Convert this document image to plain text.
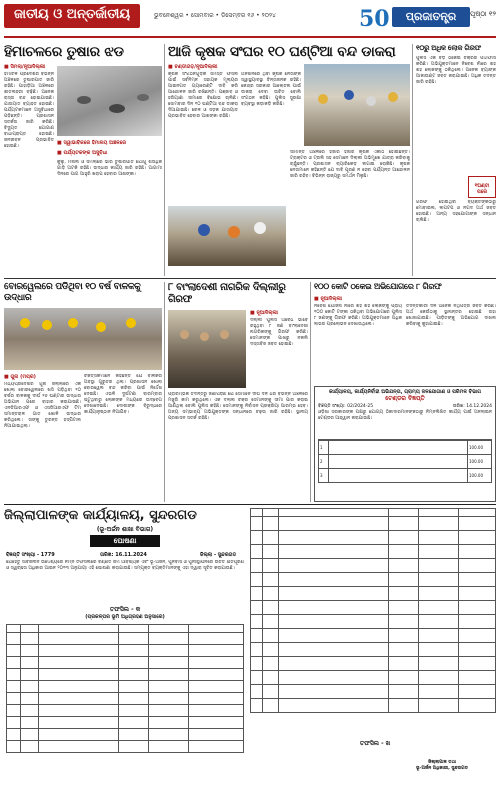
ଜାତୀୟ ଓ ଅନ୍ତର୍ଜାତୀୟ	ଭୁବନେଶ୍ୱର • ସୋମବାର • ଡିସେମ୍ବର ୧୬ • ୨୦୨୪	50	ପ୍ରଜାତନ୍ତ୍ର	ପୃଷ୍ଠା ୧୨
ହିମାଚଳରେ ତୁଷାର ଝଡ	ଆଜି କୃଷକ ସଂଘର ୧୦ ଘଣ୍ଟିଆ ବନ୍ଦ ଡାକରା	୧୦ରୁ ଅଧିକ ଲୋକ ଗିରଫ
■ ସିମଲା/ନୂଆଦିଲ୍ଲୀ
ହିମାଚଳ ପ୍ରଦେଶର ବିଭିନ୍ନ ଅଞ୍ଚଳରେ ତୁଷାରପାତ ଜାରି ରହିଛି। ପାହାଡ଼ିଆ ଅଞ୍ଚଳରେ ଶୀତଲହରୀ ବଢ଼ିଛି। ଅନେକ ରାସ୍ତା ବନ୍ଦ ହୋଇଯାଇଛି। ଯାତାୟାତ ବ୍ୟାହତ ହୋଇଛି। ପର୍ଯ୍ୟଟକମାନେ ଅସୁବିଧାରେ ପଡ଼ିଛନ୍ତି। ପ୍ରଶାସନ ସତର୍କତା ଜାରି କରିଛି। ବିଦ୍ୟୁତ ଯୋଗାଣ ବାଧାପ୍ରାପ୍ତ ହୋଇଛି। ଜନଜୀବନ ପ୍ରଭାବିତ ହୋଇଛି।
■ ସ୍ୱାଭାବିକରେ ହିମାଳୟ ଅଞ୍ଚଳରେ
■ ପର୍ଯ୍ୟଟକଙ୍କ ଅସୁବିଧା
କୁଲୁ, ମନାଲି ଓ ସିମଲାରେ ଭାରି ତୁଷାରପାତ ଯୋଗୁଁ ଶତାଧିକ ଗାଡ଼ି ଅଟକି ରହିଛି। ଉଦ୍ଧାର କାର୍ଯ୍ୟ ଜାରି ରହିଛି। ଆଗାମୀ ଦିନରେ ପାଗ ଆହୁରି ଖରାପ ହେବାର ଆଶଙ୍କା।
■ ଚଣ୍ଡୀଗଡ଼/ନୂଆଦିଲ୍ଲୀ
କୃଷକ ସଂଗଠନଗୁଡ଼ିକ ସମସ୍ତ ଫସଲ ପାଇଁ ସର୍ବନିମ୍ନ ସହାୟକ ମୂଲ୍ୟର ଆଇନଗତ ଗ୍ୟାରେଣ୍ଟି ଦାବି କରି ଆନ୍ଦୋଳନ ଜାରି ରଖିଛନ୍ତି। ପଞ୍ଜାବ ଓ ହରିୟାଣା ସୀମାରେ ବିକ୍ଷୋଭ ଚାଲିଛି। ସୋମବାର ଦିନ ୧୦ ଘଣ୍ଟିଆ ବନ୍ଦ ଡାକରା ଦିଆଯାଇଛି। ରେଳ ଓ ସଡ଼କ ଯାତାୟାତ ପ୍ରଭାବିତ ହେବାର ଆଶଙ୍କା ରହିଛି।
ଅନଶନରେ ଥିବା କୃଷକ ନେତାଙ୍କ ସ୍ୱାସ୍ଥ୍ୟାବସ୍ଥା ଚିନ୍ତାଜନକ ରହିଛି। କେନ୍ଦ୍ର ସରକାର ଆଲୋଚନା ପାଇଁ ଡାକରା ଦେବା ଉଚିତ ବୋଲି ସଂଗଠନ କହିଛି। ପୁଲିସ ସୁରକ୍ଷା ବ୍ୟବସ୍ଥା କଡ଼ାକଡ଼ି କରିଛି।
ସୀମାନ୍ତ ଅଞ୍ଚଳରେ ହଜାର ହଜାର କୃଷକ ଏକାଠି ହୋଇଛନ୍ତି। ଟ୍ରାକ୍ଟର ଓ ଟ୍ରଲି ସହ ସେମାନେ ଦିଲ୍ଲୀ ଅଭିମୁଖେ ଯାତ୍ରା କରିବାକୁ ଚାହୁଁଛନ୍ତି। ପ୍ରଶାସନ ବ୍ୟାରିକେଡ଼ ଲଗାଇ ରୋକିଛି। କୃଷକ ନେତାମାନେ କହିଛନ୍ତି ଯେ ଦାବି ପୂରଣ ନ ହେବା ପର୍ଯ୍ୟନ୍ତ ଆନ୍ଦୋଳନ ଜାରି ରହିବ। ବିଭିନ୍ନ ରାଜ୍ୟରୁ ସମର୍ଥନ ମିଳୁଛି।
ପୁଲିସ ଏକ ବଡ଼ ଠକେଇ ଚକ୍ରର ପର୍ଦ୍ଦାଫାସ କରିଛି। ଅଭିଯୁକ୍ତମାନେ ନିବେଶ ନାଁରେ ଶହ ଶହ ଲୋକଙ୍କୁ ଠକିଥିଲେ। ଅନେକ ବ୍ୟାଙ୍କ ଆକାଉଣ୍ଟ ଜବତ କରାଯାଇଛି। ଅଧିକ ତଦନ୍ତ ଜାରି ରହିଛି।
୧ଘଣ୍ଟା ପରେ
ଗିରଫ ହୋଇଥିବା ବ୍ୟକ୍ତିଙ୍କଠାରୁ ମୋବାଇଲ, ଲାପଟପ ଓ ନଗଦ ଅର୍ଥ ଜବତ ହୋଇଛି। ଅନ୍ୟ ସହଯୋଗୀଙ୍କ ସନ୍ଧାନ ଚାଲିଛି।
ବୋରୱେଲରେ ପଡିଥିବା ୧୦ ବର୍ଷ ବାଳକକୁ ଉଦ୍ଧାର
■ ଗୁନା (ମପ୍ର)
ମଧ୍ୟପ୍ରଦେଶର ଗୁନା ଜିଲ୍ଲାରେ ଏକ ଖୋଲା ବୋରୱେଲରେ ଖସି ପଡ଼ିଥିବା ୧୦ ବର୍ଷର ବାଳକକୁ ଦୀର୍ଘ ୧୬ ଘଣ୍ଟାର ଉଦ୍ଧାର ଅଭିଯାନ ପରେ ବାହାର କରାଯାଇଛି। ଏନଡିଆରଏଫ ଓ ଏସଡିଆରଏଫ ଟିମ ସମାନ୍ତରାଳ ଗାତ ଖୋଳି ଉଦ୍ଧାର କରିଥିଲେ। ତାଙ୍କୁ ତୁରନ୍ତ ହସ୍ପିଟାଲ ନିଆଯାଇଥିଲା।
ଚିକିତ୍ସକମାନେ କହିଛନ୍ତି ଯେ ବାଳକର ଅବସ୍ଥା ଗୁରୁତର ଥିଲା। ପ୍ରଶାସନ ଖୋଲା ବୋରୱେଲ ବନ୍ଦ କରିବା ପାଇଁ ନିର୍ଦ୍ଦେଶ ଦେଇଛି। ଏଭଳି ଦୁର୍ଘଟଣା ବାରମ୍ବାର ଘଟୁଥିବାରୁ ଲୋକଙ୍କ ମଧ୍ୟରେ ଉଦ୍‌ବେଗ ଦେଖାଦେଇଛି। ଦୋଷୀଙ୍କ ବିରୁଦ୍ଧରେ କାର୍ଯ୍ୟାନୁଷ୍ଠାନ ନିଆଯିବ।
୮ ବାଂଲାଦେଶୀ ନାଗରିକ ଦିଲ୍ଲୀରୁ ଗିରଫ
■ ନୂଆଦିଲ୍ଲୀ
ଦିଲ୍ଲୀ ପୁଲିସ ଅବୈଧ ଭାବେ ରହୁଥିବା ୮ ଜଣ ବାଂଲାଦେଶୀ ନାଗରିକଙ୍କୁ ଗିରଫ କରିଛି। ସେମାନଙ୍କ ପାଖରୁ ନକଲି ଦସ୍ତାବିଜ ଜବତ ହୋଇଛି।
ପ୍ରାରମ୍ଭିକ ତଦନ୍ତରୁ ଜଣାପଡ଼ିଛି ଯେ ସେମାନେ ଦୀର୍ଘ ଦିନ ଧରି ବିଭିନ୍ନ ଅଞ୍ଚଳରେ ମଜୁରି କାମ କରୁଥିଲେ। ଏକ ଦଲାଲ ଚକ୍ର ସେମାନଙ୍କୁ ସୀମା ପାର କରାଇ ଆଣିଥିଲା ବୋଲି ପୁଲିସ କହିଛି। ସେମାନଙ୍କୁ ନିର୍ବାସନ ପ୍ରକ୍ରିୟା ଆରମ୍ଭ ହେବ। ଅନ୍ୟ ସମ୍ଭାବ୍ୟ ଅଭିଯୁକ୍ତଙ୍କ ସନ୍ଧାନରେ ଚଢ଼ଉ ଜାରି ରହିଛି। ସ୍ଥାନୀୟ ପ୍ରଶାସନ ସତର୍କ ରହିଛି।
୧୦୦ କୋଟି ଠକେଇ ଅଭିଯୋଗରେ ୮ ଗିରଫ
■ ନୂଆଦିଲ୍ଲୀ
ନିବେଶ ଯୋଜନା ନାଁରେ ଶହ ଶହ ଲୋକଙ୍କୁ ପ୍ରାୟ ୧୦୦ କୋଟି ଟଙ୍କା ଠକିଥିବା ଅଭିଯୋଗରେ ପୁଲିସ ୮ ଜଣଙ୍କୁ ଗିରଫ କରିଛି। ଅଭିଯୁକ୍ତମାନେ ଅଧିକ ଲାଭର ପ୍ରଲୋଭନ ଦେଖାଉଥିଲେ।
ତଦନ୍ତକାରୀ ଦଳ ଅନେକ ନଥିପତ୍ର ଜବତ କରିଛି। ଅର୍ଥ କେଉଁଠାକୁ ସ୍ଥାନାନ୍ତର ହୋଇଛି ତାହା ଖୋଜାଯାଉଛି। ପୀଡ଼ିତଙ୍କୁ ଅଭିଯୋଗ ଦାଖଲ କରିବାକୁ କୁହାଯାଇଛି।
କାର୍ଯ୍ୟାଳୟ, କାର୍ଯ୍ୟନିର୍ବାହୀ ଅଭିଯନ୍ତା, ଗ୍ରାମ୍ୟ ଜଳଯୋଗାଣ ଓ ପରିମଳ ବିଭାଗ
ଟେଣ୍ଡର ବିଜ୍ଞପ୍ତି
ବିଜ୍ଞପ୍ତି ସଂଖ୍ୟା: 02/2024-25	ତାରିଖ: 14.12.2024
ଓଡ଼ିଶା ସରକାରଙ୍କ ପକ୍ଷରୁ ଯୋଗ୍ୟ ଠିକାଦାରମାନଙ୍କଠାରୁ ନିମ୍ନଲିଖିତ କାର୍ଯ୍ୟ ପାଇଁ ଅନଲାଇନ ଟେଣ୍ଡର ଆହ୍ୱାନ କରାଯାଉଛି।

1		100.00
2		100.00
3		100.00
ଜିଲ୍ଲାପାଳଙ୍କ କାର୍ଯ୍ୟାଳୟ, ସୁନ୍ଦରଗଡ
(ଭୂ-ଅର୍ଜନ ଶାଖା ବିଭାଗ)
ଘୋଷଣା
ବିଜ୍ଞପ୍ତି ସଂଖ୍ୟା - 1779	ତାରିଖ: 16.11.2024	ଜିଲ୍ଲା - ସୁନ୍ଦରଗଡ
ଯେହେତୁ ସାର୍ବଜନୀନ ଉଦ୍ଦେଶ୍ୟରେ ନିମ୍ନ ତଫସିଲରେ ବର୍ଣ୍ଣିତ ଜମି ଆବଶ୍ୟକ ଏବଂ ଭୂ-ଅର୍ଜନ, ପୁନର୍ବାସ ଓ ପୁନଃସ୍ଥାପନରେ ଉଚିତ କ୍ଷତିପୂରଣ ଓ ସ୍ୱଚ୍ଛତା ଅଧିକାର ଆଇନ ୨୦୧୩ ଅନୁଯାୟୀ ଏହି ଘୋଷଣା କରାଯାଉଛି। ସମ୍ପୃକ୍ତ ବ୍ୟକ୍ତିମାନଙ୍କୁ ଏହା ଦ୍ୱାରା ସୂଚିତ କରାଯାଉଛି।
ତଫସିଲ - କ
(ପ୍ରକଳ୍ପର ଭୂମି ଅଧିଗ୍ରହଣ ଅନୁସାରେ)

ତଫସିଲ - ଖ

ଜିଲ୍ଲାପାଳ ତଥା
ଭୂ-ଅର୍ଜନ ଅଧିକାରୀ, ସୁନ୍ଦରଗଡ
